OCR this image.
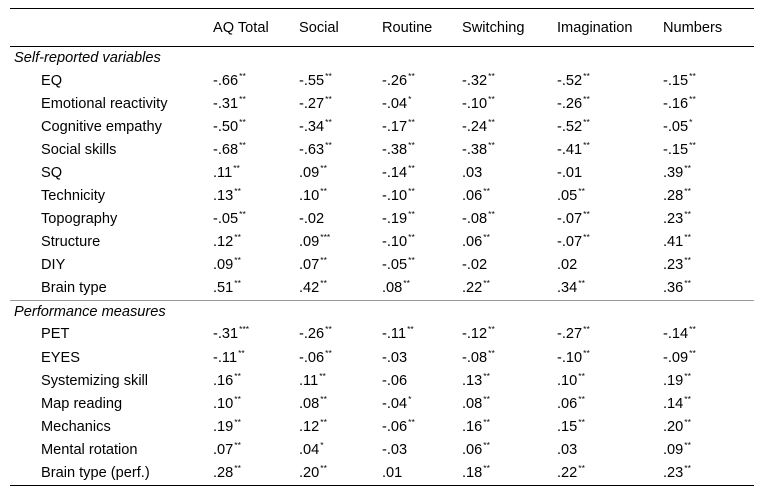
	AQ Total	Social	Routine	Switching	Imagination	Numbers
Self-reported variables						
EQ	-.66**	-.55**	-.26**	-.32**	-.52**	-.15**
Emotional reactivity	-.31**	-.27**	-.04*	-.10**	-.26**	-.16**
Cognitive empathy	-.50**	-.34**	-.17**	-.24**	-.52**	-.05*
Social skills	-.68**	-.63**	-.38**	-.38**	-.41**	-.15**
SQ	.11**	.09**	-.14**	.03	-.01	.39**
Technicity	.13**	.10**	-.10**	.06**	.05**	.28**
Topography	-.05**	-.02	-.19**	-.08**	-.07**	.23**
Structure	.12**	.09***	-.10**	.06**	-.07**	.41**
DIY	.09**	.07**	-.05**	-.02	.02	.23**
Brain type	.51**	.42**	.08**	.22**	.34**	.36**
Performance measures						
PET	-.31***	-.26**	-.11**	-.12**	-.27**	-.14**
EYES	-.11**	-.06**	-.03	-.08**	-.10**	-.09**
Systemizing skill	.16**	.11**	-.06	.13**	.10**	.19**
Map reading	.10**	.08**	-.04*	.08**	.06**	.14**
Mechanics	.19**	.12**	-.06**	.16**	.15**	.20**
Mental rotation	.07**	.04*	-.03	.06**	.03	.09**
Brain type (perf.)	.28**	.20**	.01	.18**	.22**	.23**
